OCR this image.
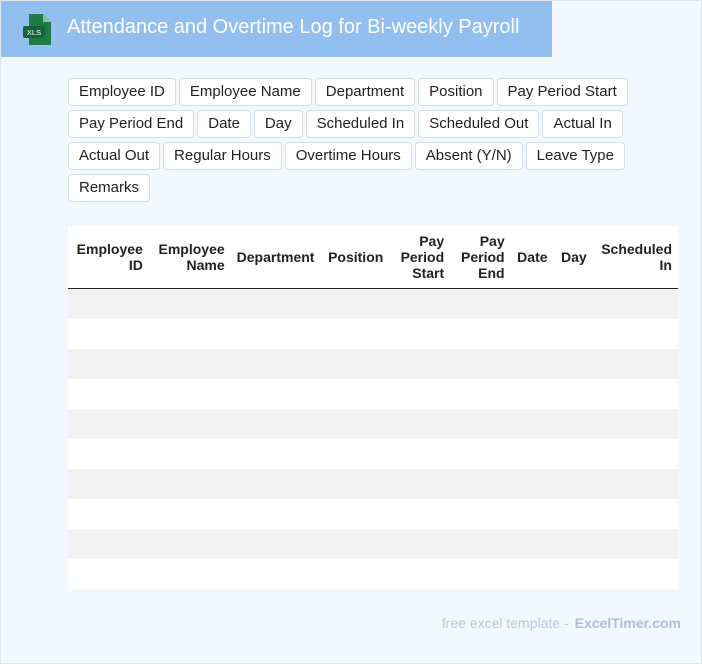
XLS Attendance and Overtime Log for Bi-weekly Payroll
Employee ID	Employee Name	Department	Position	Pay Period Start
Pay Period End	Date	Day	Scheduled In	Scheduled Out	Actual In
Actual Out	Regular Hours	Overtime Hours	Absent (Y/N)	Leave Type
Remarks
Employee ID	Employee Name	Department	Position	Pay Period Start	Pay Period End	Date	Day	Scheduled In

free excel template - ExcelTimer.com
